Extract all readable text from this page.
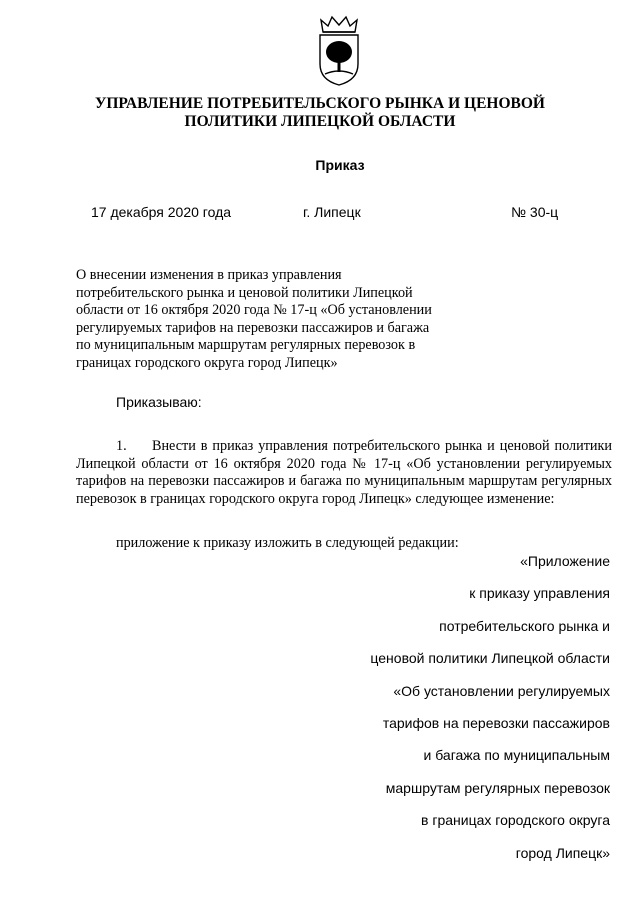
УПРАВЛЕНИЕ ПОТРЕБИТЕЛЬСКОГО РЫНКА И ЦЕНОВОЙ
ПОЛИТИКИ ЛИПЕЦКОЙ ОБЛАСТИ
Приказ
17 декабря 2020 года	г. Липецк	№ 30-ц
О внесении изменения в приказ управления потребительского рынка и ценовой политики Липецкой области от 16 октября 2020 года № 17-ц «Об установлении регулируемых тарифов на перевозки пассажиров и багажа по муниципальным маршрутам регулярных перевозок в границах городского округа город Липецк»
Приказываю:
1. Внести в приказ управления потребительского рынка и ценовой политики Липецкой области от 16 октября 2020 года № 17-ц «Об установлении регулируемых тарифов на перевозки пассажиров и багажа по муниципальным маршрутам регулярных перевозок в границах городского округа город Липецк» следующее изменение:
приложение к приказу изложить в следующей редакции:
«Приложение
к приказу управления
потребительского рынка и
ценовой политики Липецкой области
«Об установлении регулируемых
тарифов на перевозки пассажиров
и багажа по муниципальным
маршрутам регулярных перевозок
в границах городского округа
город Липецк»
